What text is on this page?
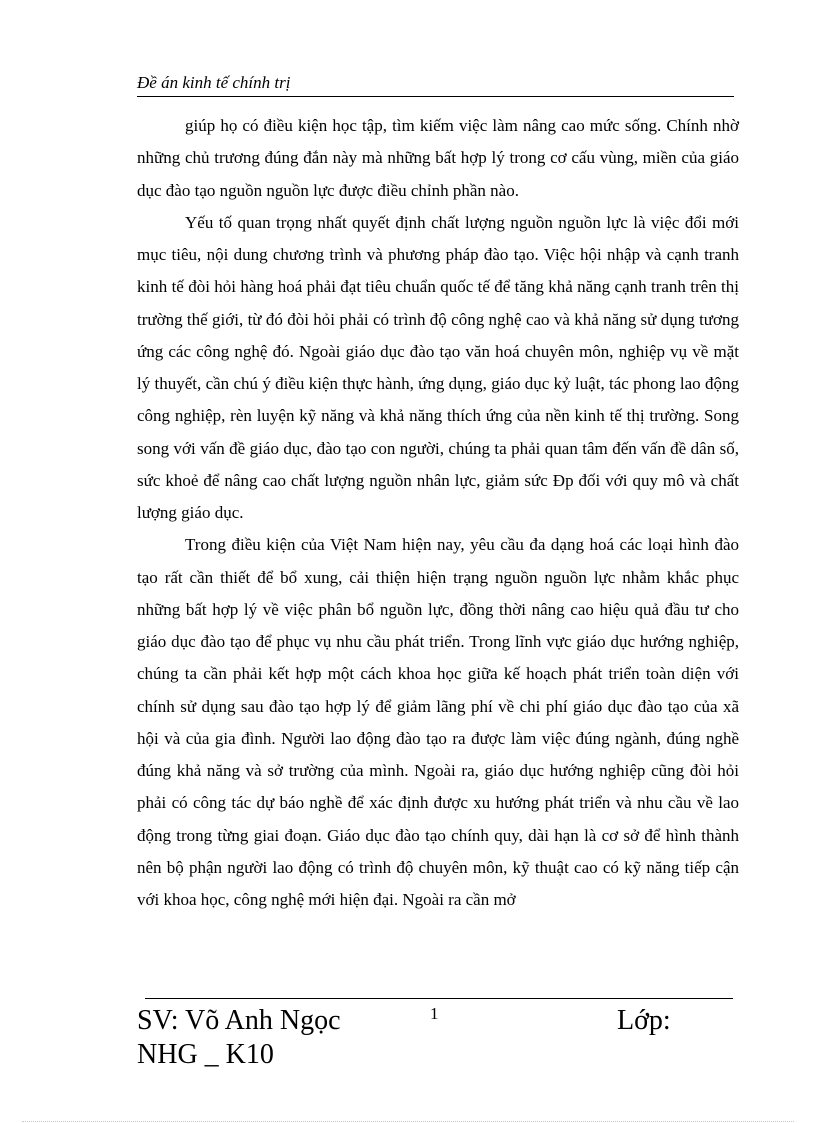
Đề án kinh tế chính trị

giúp họ có điều kiện học tập, tìm kiếm việc làm nâng cao mức sống. Chính nhờ những chủ trương đúng đắn này mà những bất hợp lý trong cơ cấu vùng, miền của giáo dục đào tạo nguồn nguồn lực được điều chỉnh phần nào.

Yếu tố quan trọng nhất quyết định chất lượng nguồn nguồn lực là việc đổi mới mục tiêu, nội dung chương trình và phương pháp đào tạo. Việc hội nhập và cạnh tranh kinh tế đòi hỏi hàng hoá phải đạt tiêu chuẩn quốc tế để tăng khả năng cạnh tranh trên thị trường thế giới, từ đó đòi hỏi phải có trình độ công nghệ cao và khả năng sử dụng tương ứng các công nghệ đó. Ngoài giáo dục đào tạo văn hoá chuyên môn, nghiệp vụ về mặt lý thuyết, cần chú ý điều kiện thực hành, ứng dụng, giáo dục kỷ luật, tác phong lao động công nghiệp, rèn luyện kỹ năng và khả năng thích ứng của nền kinh tế thị trường. Song song với vấn đề giáo dục, đào tạo con người, chúng ta phải quan tâm đến vấn đề dân số, sức khoẻ để nâng cao chất lượng nguồn nhân lực, giảm sức Ðp đối với quy mô và chất lượng giáo dục.

Trong điều kiện của Việt Nam hiện nay, yêu cầu đa dạng hoá các loại hình đào tạo rất cần thiết để bổ xung, cải thiện hiện trạng nguồn nguồn lực nhằm khắc phục những bất hợp lý về việc phân bổ nguồn lực, đồng thời nâng cao hiệu quả đầu tư cho giáo dục đào tạo để phục vụ nhu cầu phát triển. Trong lĩnh vực giáo dục hướng nghiệp, chúng ta cần phải kết hợp một cách khoa học giữa kế hoạch phát triển toàn diện với chính sử dụng sau đào tạo hợp lý để giảm lãng phí về chi phí giáo dục đào tạo của xã hội và của gia đình. Người lao động đào tạo ra được làm việc đúng ngành, đúng nghề đúng khả năng và sở trường của mình. Ngoài ra, giáo dục hướng nghiệp cũng đòi hỏi phải có công tác dự báo nghề để xác định được xu hướng phát triển và nhu cầu về lao động trong từng giai đoạn. Giáo dục đào tạo chính quy, dài hạn là cơ sở để hình thành nên bộ phận người lao động có trình độ chuyên môn, kỹ thuật cao có kỹ năng tiếp cận với khoa học, công nghệ mới hiện đại. Ngoài ra cần mở

SV: Võ Anh Ngọc NHG _ K10
1	Lớp:
